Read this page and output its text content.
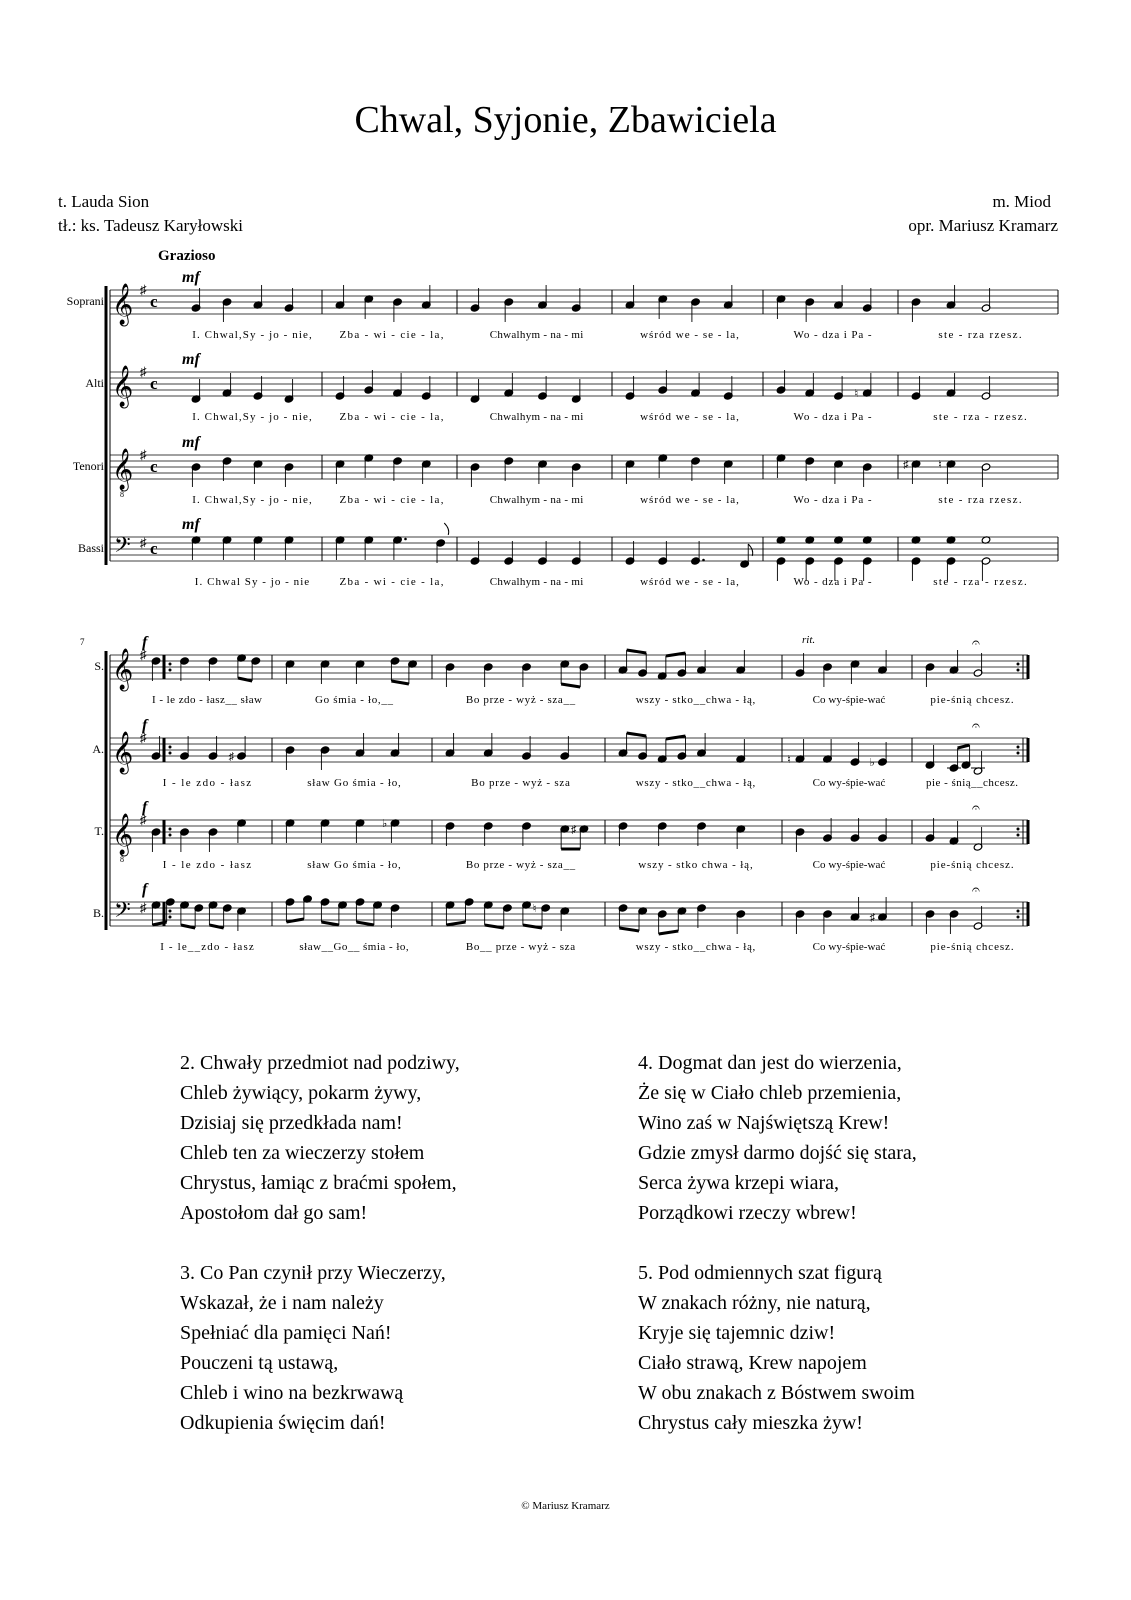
Chwal, Syjonie, Zbawiciela
t. Lauda Sion
tł.: ks. Tadeusz Karyłowski
m. Miod
opr. Mariusz Kramarz
Grazioso
Soprani 𝄞 ♯
c
mf
I. Chwal,Sy - jo - nie,	Zba - wi - cie - la,	Chwalhym - na - mi	wśród we - se - la,	Wo - dza i Pa -	ste - rza rzesz.
Alti 𝄞 ♯
c
mf
I. Chwal,Sy - jo - nie,	Zba - wi - cie - la,	Chwalhym - na - mi	wśród we - se - la,
♮
Wo - dza i Pa -	ste - rza - rzesz.
Tenori 𝄞
8
♯
c
mf
I. Chwal,Sy - jo - nie,	Zba - wi - cie - la,	Chwalhym - na - mi	wśród we - se - la,	Wo - dza i Pa -
♯	♮
ste - rza rzesz.
Bassi 𝄢 ♯ c
mf
I. Chwal Sy - jo - nie	Zba - wi - cie - la,	Chwalhym - na - mi	wśród we - se - la,	Wo - dza i Pa -	ste - rza - rzesz.
7
S. 𝄞 ♯
f
I - le zdo - łasz__ sław	Go śmia - ło,__	Bo prze - wyż - sza__	wszy - stko__chwa - łą,	Co wy-śpie-wać
𝄐
pie-śnią chcesz.
A. 𝄞 ♯
f
♯
I - le zdo - łasz	sław Go śmia - ło,	Bo prze - wyż - sza	wszy - stko__chwa - łą,
♮	♭
Co wy-śpie-wać
𝄐
pie - śnią__chcesz.
T. 𝄞
8
♯
f
I - le zdo - łasz
♭
sław Go śmia - ło,
♯
Bo prze - wyż - sza__	wszy - stko chwa - łą,	Co wy-śpie-wać
𝄐
pie-śnią chcesz.
B. 𝄢 ♯
f
I - le__zdo - łasz	sław__Go__ śmia - ło,
♮
Bo__ prze - wyż - sza	wszy - stko__chwa - łą,
♯
Co wy-śpie-wać
𝄐
pie-śnią chcesz.
rit.
2. Chwały przedmiot nad podziwy,
Chleb żywiący, pokarm żywy,
Dzisiaj się przedkłada nam!
Chleb ten za wieczerzy stołem
Chrystus, łamiąc z braćmi społem,
Apostołom dał go sam!
3. Co Pan czynił przy Wieczerzy,
Wskazał, że i nam należy
Spełniać dla pamięci Nań!
Pouczeni tą ustawą,
Chleb i wino na bezkrwawą
Odkupienia święcim dań!
4. Dogmat dan jest do wierzenia,
Że się w Ciało chleb przemienia,
Wino zaś w Najświętszą Krew!
Gdzie zmysł darmo dojść się stara,
Serca żywa krzepi wiara,
Porządkowi rzeczy wbrew!
5. Pod odmiennych szat figurą
W znakach różny, nie naturą,
Kryje się tajemnic dziw!
Ciało strawą, Krew napojem
W obu znakach z Bóstwem swoim
Chrystus cały mieszka żyw!
© Mariusz Kramarz
